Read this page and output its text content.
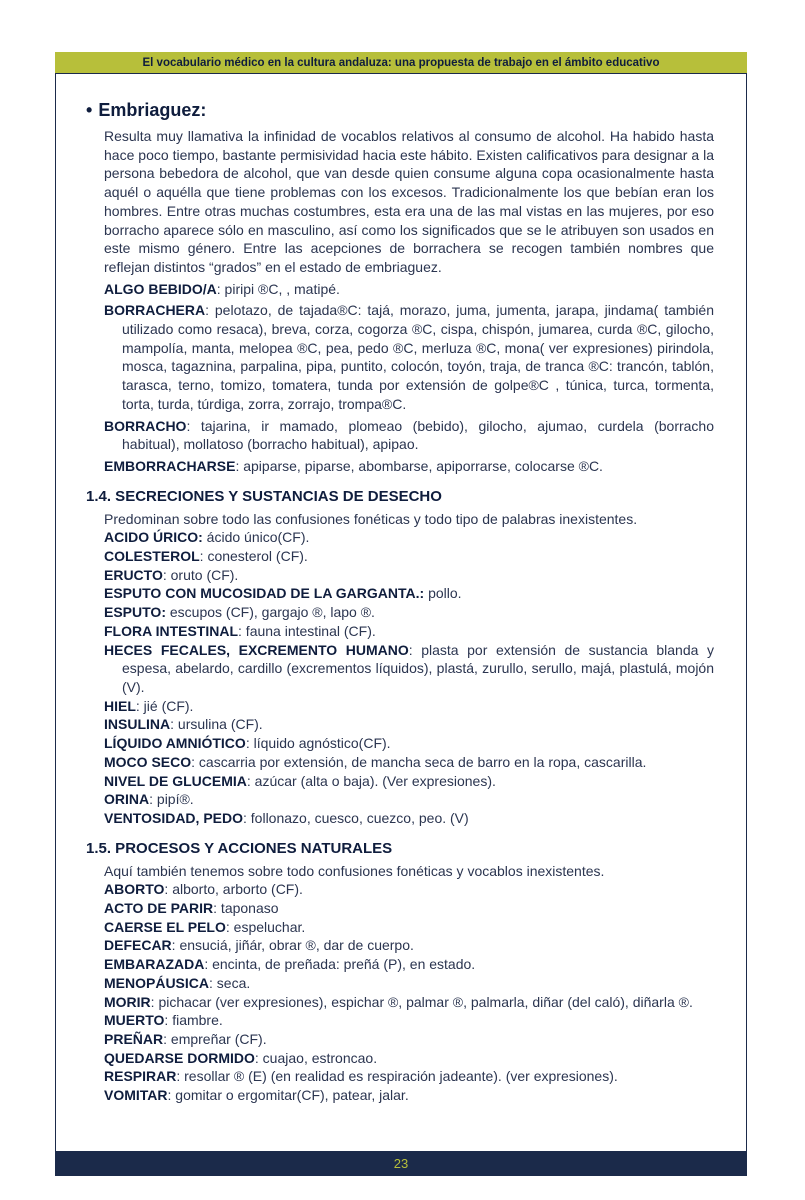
El vocabulario médico en la cultura andaluza: una propuesta de trabajo en el ámbito educativo
• Embriaguez:

Resulta muy llamativa la infinidad de vocablos relativos al consumo de alcohol. Ha habido hasta hace poco tiempo, bastante permisividad hacia este hábito. Existen calificativos para designar a la persona bebedora de alcohol, que van desde quien consume alguna copa ocasionalmente hasta aquél o aquélla que tiene problemas con los excesos. Tradicionalmente los que bebían eran los hombres. Entre otras muchas costumbres, esta era una de las mal vistas en las mujeres, por eso borracho aparece sólo en masculino, así como los significados que se le atribuyen son usados en este mismo género. Entre las acepciones de borrachera se recogen también nombres que reflejan distintos “grados” en el estado de embriaguez.

ALGO BEBIDO/A: piripi ®C, , matipé.

BORRACHERA: pelotazo, de tajada®C: tajá, morazo, juma, jumenta, jarapa, jindama( también utilizado como resaca), breva, corza, cogorza ®C, cispa, chispón, jumarea, curda ®C, gilocho, mampolía, manta, melopea ®C, pea, pedo ®C, merluza ®C, mona( ver expresiones) pirindola, mosca, tagaznina, parpalina, pipa, puntito, colocón, toyón, traja, de tranca ®C: trancón, tablón, tarasca, terno, tomizo, tomatera, tunda por extensión de golpe®C , túnica, turca, tormenta, torta, turda, túrdiga, zorra, zorrajo, trompa®C.

BORRACHO: tajarina, ir mamado, plomeao (bebido), gilocho, ajumao, curdela (borracho habitual), mollatoso (borracho habitual), apipao.

EMBORRACHARSE: apiparse, piparse, abombarse, apiporrarse, colocarse ®C.

1.4. SECRECIONES Y SUSTANCIAS DE DESECHO

Predominan sobre todo las confusiones fonéticas y todo tipo de palabras inexistentes.

ACIDO ÚRICO: ácido único(CF).

COLESTEROL: conesterol (CF).

ERUCTO: oruto (CF).

ESPUTO CON MUCOSIDAD DE LA GARGANTA.: pollo.

ESPUTO: escupos (CF), gargajo ®, lapo ®.

FLORA INTESTINAL: fauna intestinal (CF).

HECES FECALES, EXCREMENTO HUMANO: plasta por extensión de sustancia blanda y espesa, abelardo, cardillo (excrementos líquidos), plastá, zurullo, serullo, majá, plastulá, mojón (V).

HIEL: jié (CF).

INSULINA: ursulina (CF).

LÍQUIDO AMNIÓTICO: líquido agnóstico(CF).

MOCO SECO: cascarria por extensión, de mancha seca de barro en la ropa, cascarilla.

NIVEL DE GLUCEMIA: azúcar (alta o baja). (Ver expresiones).

ORINA: pipí®.

VENTOSIDAD, PEDO: follonazo, cuesco, cuezco, peo. (V)

1.5. PROCESOS Y ACCIONES NATURALES

Aquí también tenemos sobre todo confusiones fonéticas y vocablos inexistentes.

ABORTO: alborto, arborto (CF).

ACTO DE PARIR: taponaso

CAERSE EL PELO: espeluchar.

DEFECAR: ensuciá, jiñár, obrar ®, dar de cuerpo.

EMBARAZADA: encinta, de preñada: preñá (P), en estado.

MENOPÁUSICA: seca.

MORIR: pichacar (ver expresiones), espichar ®, palmar ®, palmarla, diñar (del caló), diñarla ®.

MUERTO: fiambre.

PREÑAR: empreñar (CF).

QUEDARSE DORMIDO: cuajao, estroncao.

RESPIRAR: resollar ® (E) (en realidad es respiración jadeante). (ver expresiones).

VOMITAR: gomitar o ergomitar(CF), patear, jalar.

23
